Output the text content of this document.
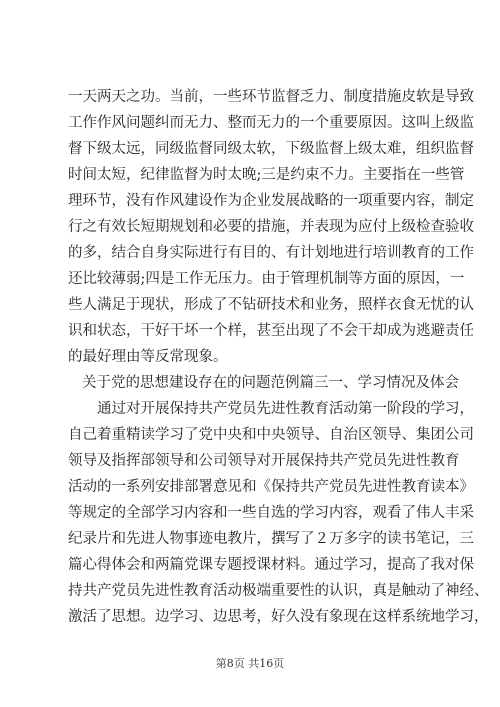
一天两天之功。当前，一些环节监督乏力、制度措施皮软是导致
工作作风问题纠而无力、整而无力的一个重要原因。这叫上级监
督下级太远，同级监督同级太软，下级监督上级太难，组织监督
时间太短，纪律监督为时太晚;三是约束不力。主要指在一些管
理环节，没有作风建设作为企业发展战略的一项重要内容，制定
行之有效长短期规划和必要的措施，并表现为应付上级检查验收
的多，结合自身实际进行有目的、有计划地进行培训教育的工作
还比较薄弱;四是工作无压力。由于管理机制等方面的原因，一
些人满足于现状，形成了不钻研技术和业务，照样衣食无忧的认
识和状态，干好干坏一个样，甚至出现了不会干却成为逃避责任
的最好理由等反常现象。
关于党的思想建设存在的问题范例篇三一、学习情况及体会
通过对开展保持共产党员先进性教育活动第一阶段的学习，
自己着重精读学习了党中央和中央领导、自治区领导、集团公司
领导及指挥部领导和公司领导对开展保持共产党员先进性教育
活动的一系列安排部署意见和《保持共产党员先进性教育读本》
等规定的全部学习内容和一些自选的学习内容，观看了伟人丰采
纪录片和先进人物事迹电教片，撰写了２万多字的读书笔记，三
篇心得体会和两篇党课专题授课材料。通过学习，提高了我对保
持共产党员先进性教育活动极端重要性的认识，真是触动了神经、
激活了思想。边学习、边思考，好久没有象现在这样系统地学习，
第8页 共16页
